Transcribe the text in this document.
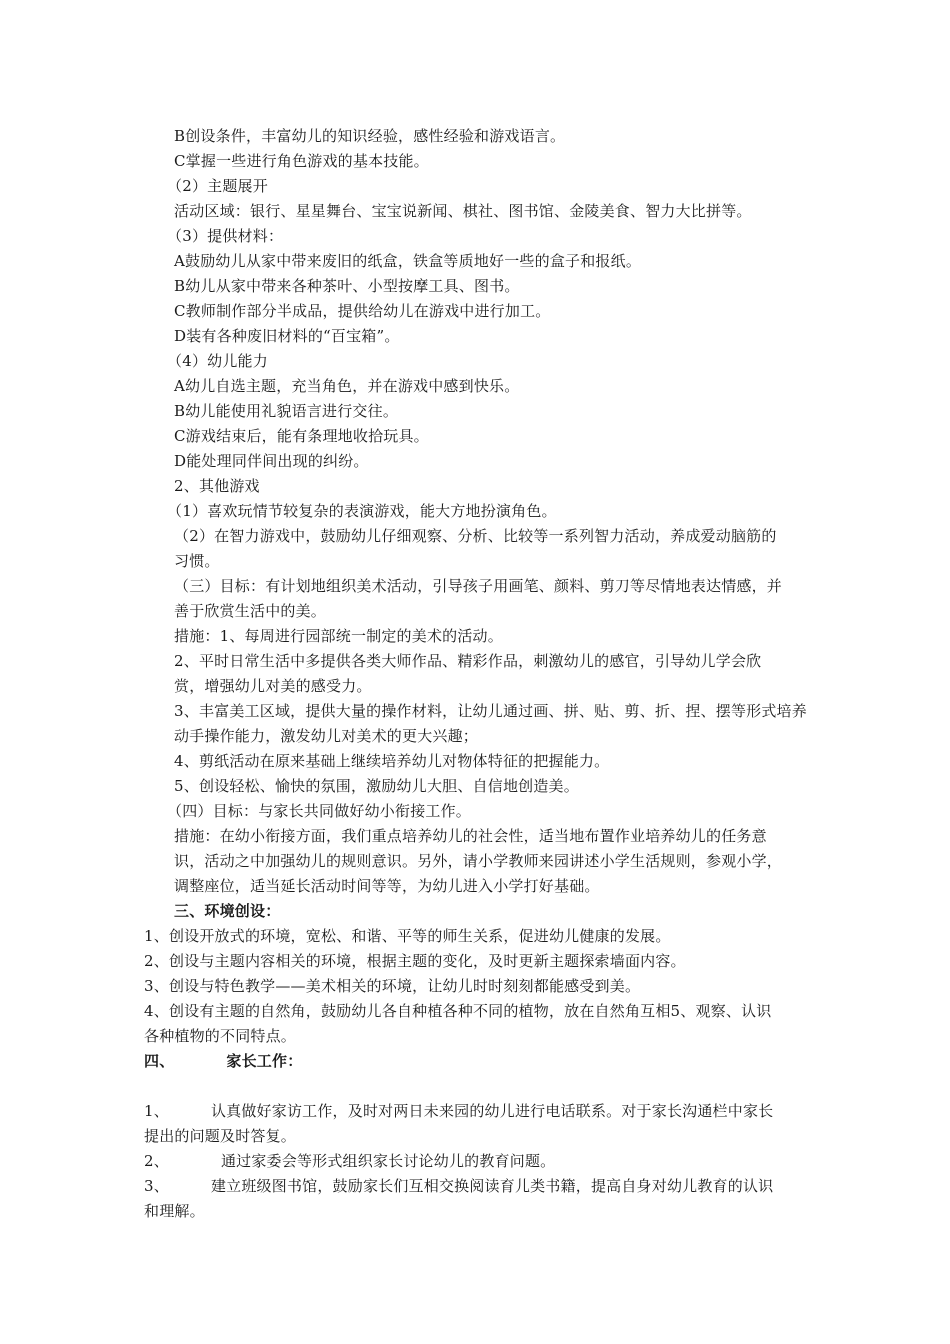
B创设条件，丰富幼儿的知识经验，感性经验和游戏语言。
C掌握一些进行角色游戏的基本技能。
（2）主题展开
活动区域：银行、星星舞台、宝宝说新闻、棋社、图书馆、金陵美食、智力大比拼等。
（3）提供材料：
A鼓励幼儿从家中带来废旧的纸盒，铁盒等质地好一些的盒子和报纸。
B幼儿从家中带来各种茶叶、小型按摩工具、图书。
C教师制作部分半成品，提供给幼儿在游戏中进行加工。
D装有各种废旧材料的“百宝箱”。
（4）幼儿能力
A幼儿自选主题，充当角色，并在游戏中感到快乐。
B幼儿能使用礼貌语言进行交往。
C游戏结束后，能有条理地收拾玩具。
D能处理同伴间出现的纠纷。
2、其他游戏
（1）喜欢玩情节较复杂的表演游戏，能大方地扮演角色。
（2）在智力游戏中，鼓励幼儿仔细观察、分析、比较等一系列智力活动，养成爱动脑筋的
习惯。
（三）目标：有计划地组织美术活动，引导孩子用画笔、颜料、剪刀等尽情地表达情感，并
善于欣赏生活中的美。
措施：1、每周进行园部统一制定的美术的活动。
2、平时日常生活中多提供各类大师作品、精彩作品，刺激幼儿的感官，引导幼儿学会欣
赏，增强幼儿对美的感受力。
3、丰富美工区域，提供大量的操作材料，让幼儿通过画、拼、贴、剪、折、捏、摆等形式培养
动手操作能力，激发幼儿对美术的更大兴趣；
4、剪纸活动在原来基础上继续培养幼儿对物体特征的把握能力。
5、创设轻松、愉快的氛围，激励幼儿大胆、自信地创造美。
（四）目标：与家长共同做好幼小衔接工作。
措施：在幼小衔接方面，我们重点培养幼儿的社会性，适当地布置作业培养幼儿的任务意
识，活动之中加强幼儿的规则意识。另外，请小学教师来园讲述小学生活规则，参观小学，
调整座位，适当延长活动时间等等，为幼儿进入小学打好基础。
三、环境创设：
1、创设开放式的环境，宽松、和谐、平等的师生关系，促进幼儿健康的发展。
2、创设与主题内容相关的环境，根据主题的变化，及时更新主题探索墙面内容。
3、创设与特色教学——美术相关的环境，让幼儿时时刻刻都能感受到美。
4、创设有主题的自然角，鼓励幼儿各自种植各种不同的植物，放在自然角互相5、观察、认识
各种植物的不同特点。
四、	家长工作：
1、	认真做好家访工作，及时对两日未来园的幼儿进行电话联系。对于家长沟通栏中家长
提出的问题及时答复。
2、	通过家委会等形式组织家长讨论幼儿的教育问题。
3、	建立班级图书馆，鼓励家长们互相交换阅读育儿类书籍，提高自身对幼儿教育的认识
和理解。
